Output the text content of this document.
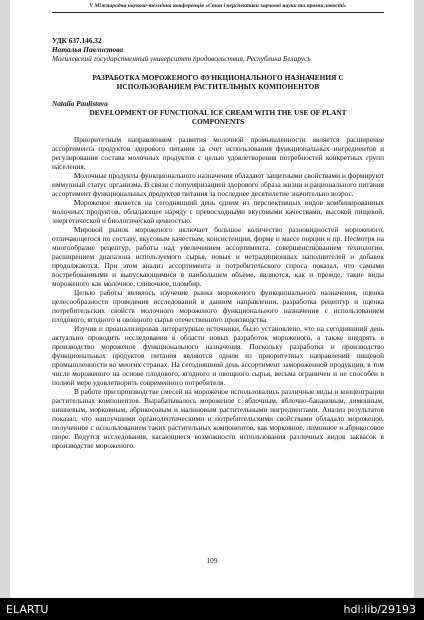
V Міжнародна науково-технічна конференція «Стан і перспективи харчової науки та промисловості»
УДК 637.146.32
Наталья Павлистова
Могилевский государственный университет продовольствия, Республика Беларусь
РАЗРАБОТКА МОРОЖЕНОГО ФУНКЦИОНАЛЬНОГО НАЗНАЧЕНИЯ С ИСПОЛЬЗОВАНИЕМ РАСТИТЕЛЬНЫХ КОМПОНЕНТОВ
Natalia Paulistava
DEVELOPMENT OF FUNCTIONAL ICE CREAM WITH THE USE OF PLANT COMPONENTS
Приоритетным направлением развития молочной промышленности является расширение ассортимента продуктов здорового питания за счет использования функциональных ингредиентов и регулирования состава молочных продуктов с целью удовлетворения потребностей конкретных групп населения.
Молочные продукты функционального назначения обладают защитными свойствами и формируют иммунный статус организма. В связи с популяризацией здорового образа жизни и рационального питания ассортимент функциональных продуктов питания за последнее десятилетие значительно возрос.
Мороженое является на сегодняшний день одним из перспективных видов комбинированных молочных продуктов, обладающее наряду с превосходными вкусовыми качествами, высокой пищевой, энергетической и биологической ценностью.
Мировой рынок мороженого включает большое количество разновидностей мороженого, отличающегося по составу, вкусовым качествам, консистенции, форме и массе порции и пр. Несмотря на многообразие рецептур, работы над увеличением ассортимента, совершенствованием технологии, расширением диапазона используемого сырья, новых и нетрадиционных наполнителей и добавок продолжаются. При этом анализ ассортимента и потребительского спроса показал, что самыми востребованными и выпускающимися в наибольшем объеме, являются, как и прежде, такие виды мороженого как молочное, сливочное, пломбир.
Целью работы являлось изучение рынка мороженого функционального назначения, оценка целесообразности проведения исследований в данном направлении, разработка рецептур и оценка потребительских свойств молочного мороженого функционального назначения с использованием плодового, ягодного и овощного сырья отечественного производства.
Изучив и проанализировав литературные источники, было установлено, что на сегодняшний день актуально проводить исследования в области новых разработок мороженого, а также внедрять в производство мороженое функционального назначения. Поскольку разработка и производство функциональных продуктов питания являются одним из приоритетных направлений пищевой промышленности во многих странах. На сегодняшний день ассортимент замороженной продукции, в том числе мороженого на основе плодового, ягодного и овощного сырья, весьма ограничен и не способен в полной мере удовлетворить современного потребителя.
В работе при производстве смесей на мороженое использовались различные виды и концентрации растительных компонентов. Вырабатывалось мороженое с яблочным, яблочно-банановым, лимонным, вишневым, морковным, абрикосовым и малиновым растительными ингредиентами. Анализ результатов показал, что наилучшими органолептическими и потребительскими свойствами обладало мороженое, полученное с использованием таких растительных компонентов, как морковное, лимонное и абрикосовое пюре. Ведутся исследования, касающиеся возможности использования различных видов заквасок в производстве мороженого.
109
ELARTU	hdl:lib/29193
